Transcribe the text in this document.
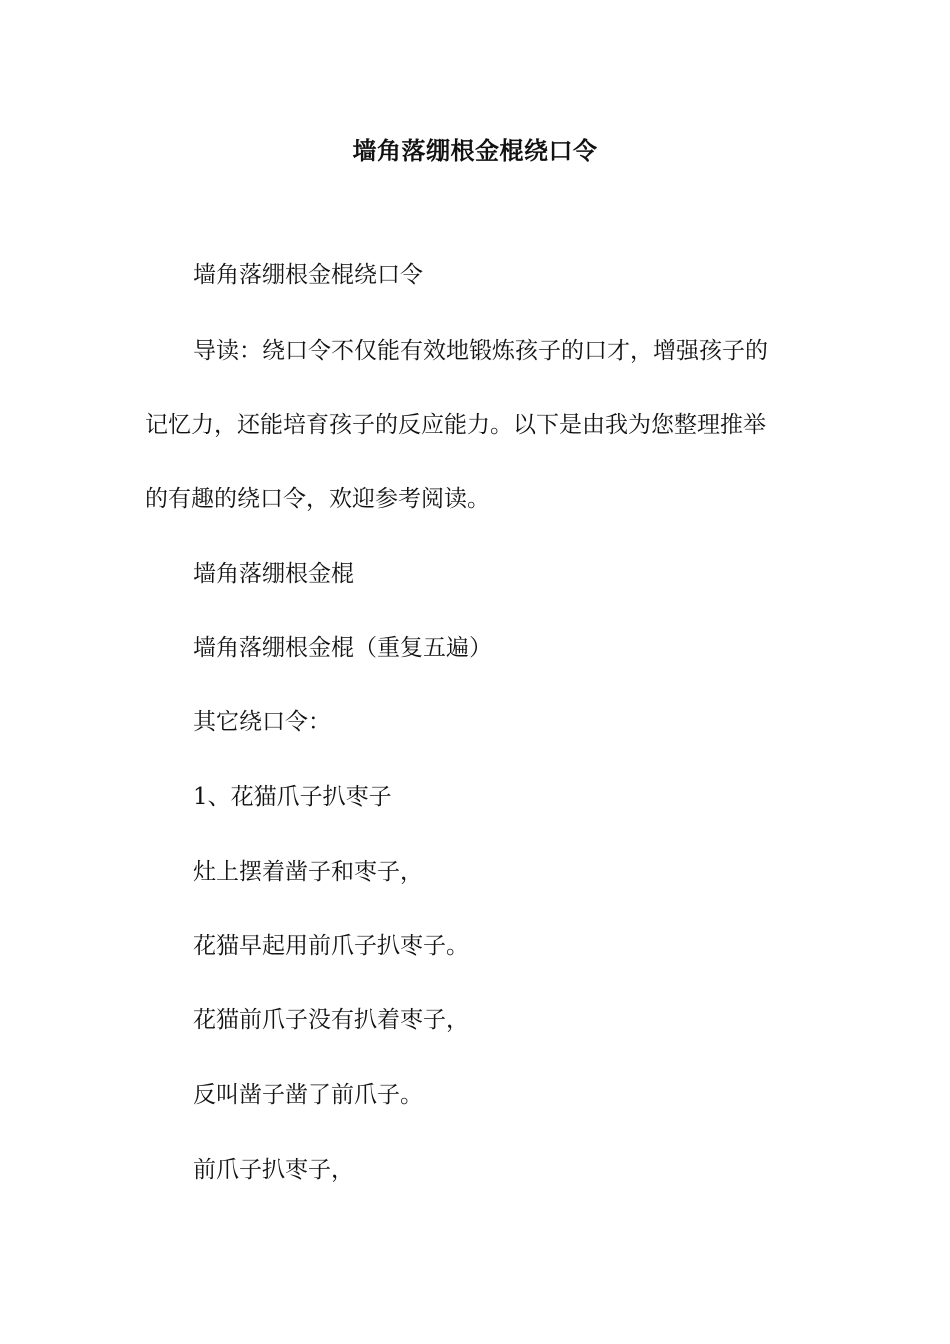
墙角落绷根金棍绕口令
墙角落绷根金棍绕口令
导读：绕口令不仅能有效地锻炼孩子的口才，增强孩子的
记忆力，还能培育孩子的反应能力。以下是由我为您整理推举
的有趣的绕口令，欢迎参考阅读。
墙角落绷根金棍
墙角落绷根金棍（重复五遍）
其它绕口令：
1、花猫爪子扒枣子
灶上摆着凿子和枣子，
花猫早起用前爪子扒枣子。
花猫前爪子没有扒着枣子，
反叫凿子凿了前爪子。
前爪子扒枣子，
